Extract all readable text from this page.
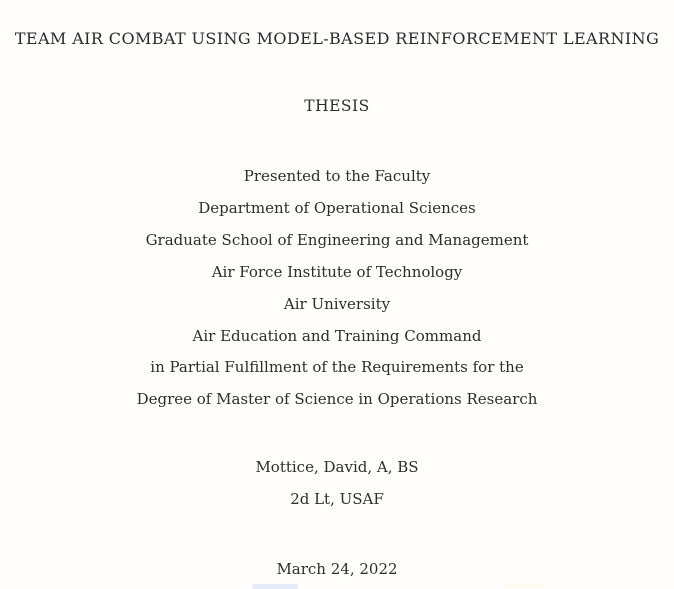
TEAM AIR COMBAT USING MODEL-BASED REINFORCEMENT LEARNING

THESIS

Presented to the Faculty

Department of Operational Sciences

Graduate School of Engineering and Management

Air Force Institute of Technology

Air University

Air Education and Training Command

in Partial Fulfillment of the Requirements for the

Degree of Master of Science in Operations Research

Mottice, David, A, BS

2d Lt, USAF

March 24, 2022
